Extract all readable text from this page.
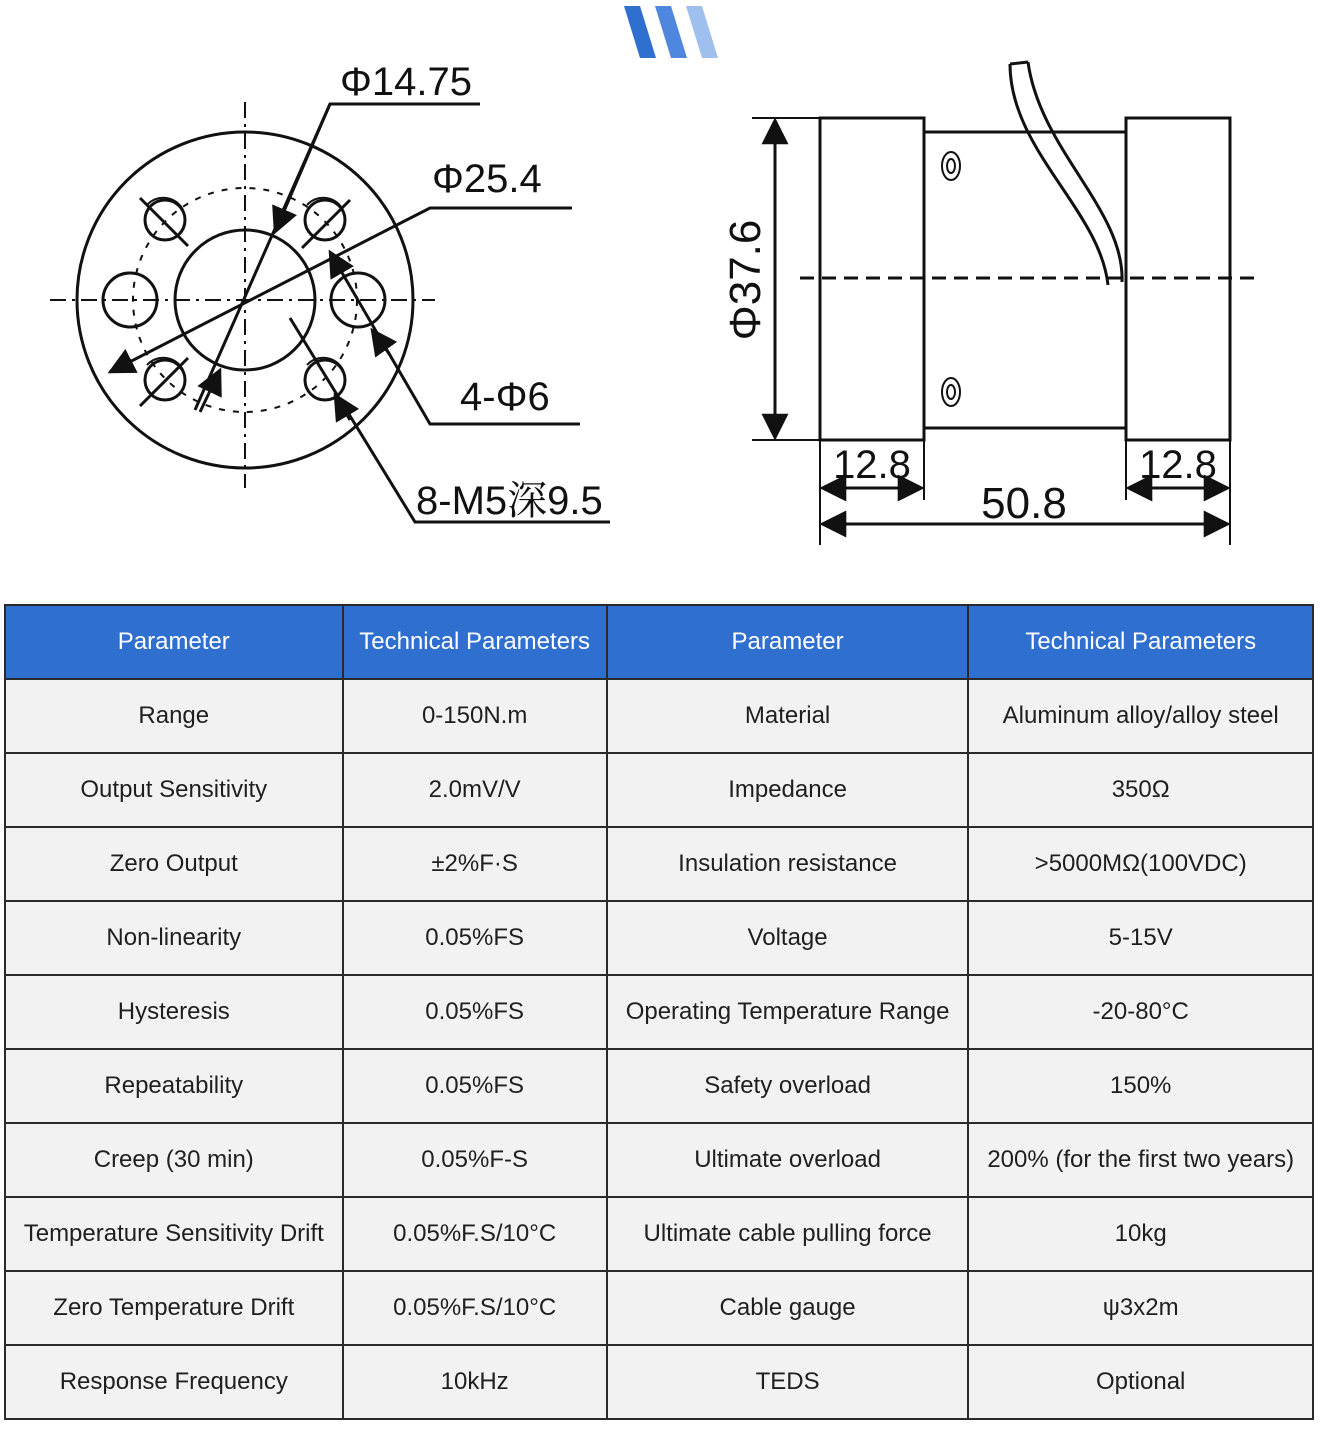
Φ14.75
Φ25.4
4-Φ6
8-M5深9.5
Φ37.6
12.8	12.8
50.8
Parameter	Technical Parameters	Parameter	Technical Parameters
Range	0-150N.m	Material	Aluminum alloy/alloy steel
Output Sensitivity	2.0mV/V	Impedance	350Ω
Zero Output	±2%F·S	Insulation resistance	>5000MΩ(100VDC)
Non-linearity	0.05%FS	Voltage	5-15V
Hysteresis	0.05%FS	Operating Temperature Range	-20-80°C
Repeatability	0.05%FS	Safety overload	150%
Creep (30 min)	0.05%F-S	Ultimate overload	200% (for the first two years)
Temperature Sensitivity Drift	0.05%F.S/10°C	Ultimate cable pulling force	10kg
Zero Temperature Drift	0.05%F.S/10°C	Cable gauge	ψ3x2m
Response Frequency	10kHz	TEDS	Optional
